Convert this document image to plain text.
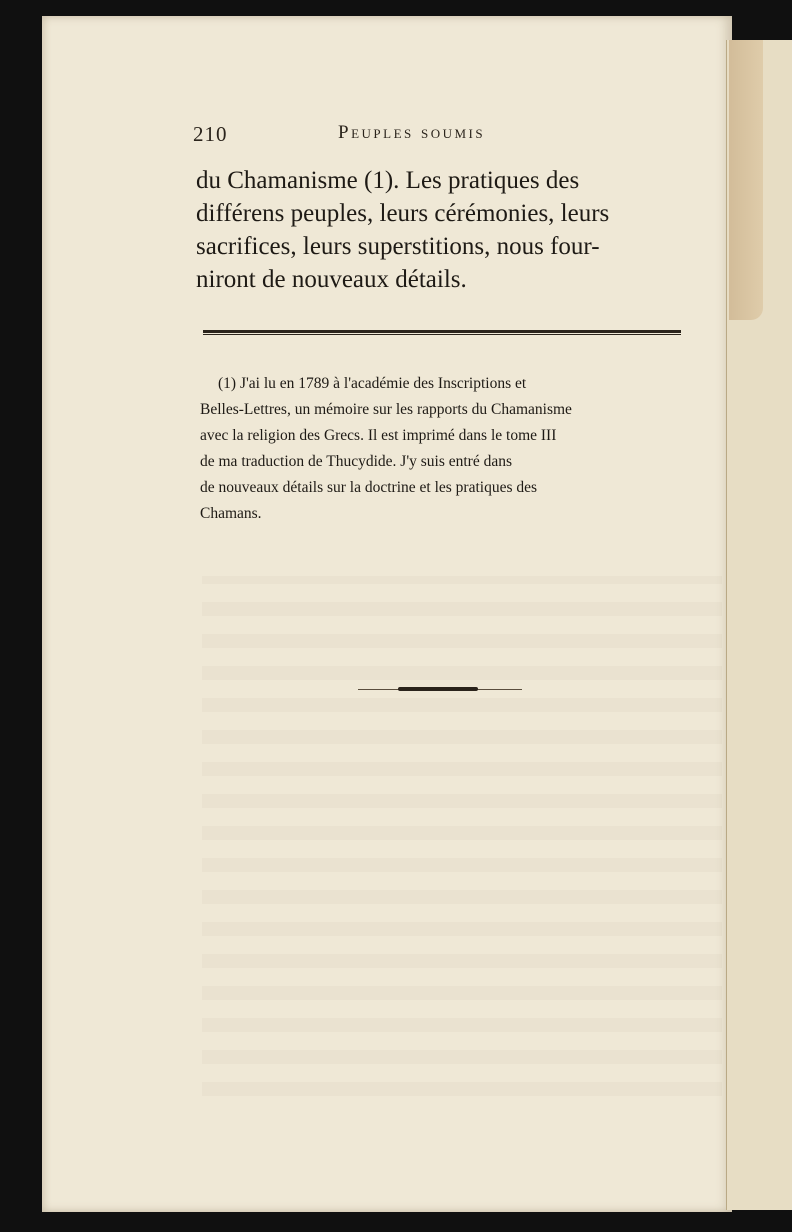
210	Peuples soumis
du Chamanisme (1). Les pratiques des
différens peuples, leurs cérémonies, leurs
sacrifices, leurs superstitions, nous four-
niront de nouveaux détails.
(1) J'ai lu en 1789 à l'académie des Inscriptions et
Belles-Lettres, un mémoire sur les rapports du Chamanisme
avec la religion des Grecs. Il est imprimé dans le tome III
de ma traduction de Thucydide. J'y suis entré dans
de nouveaux détails sur la doctrine et les pratiques des
Chamans.
